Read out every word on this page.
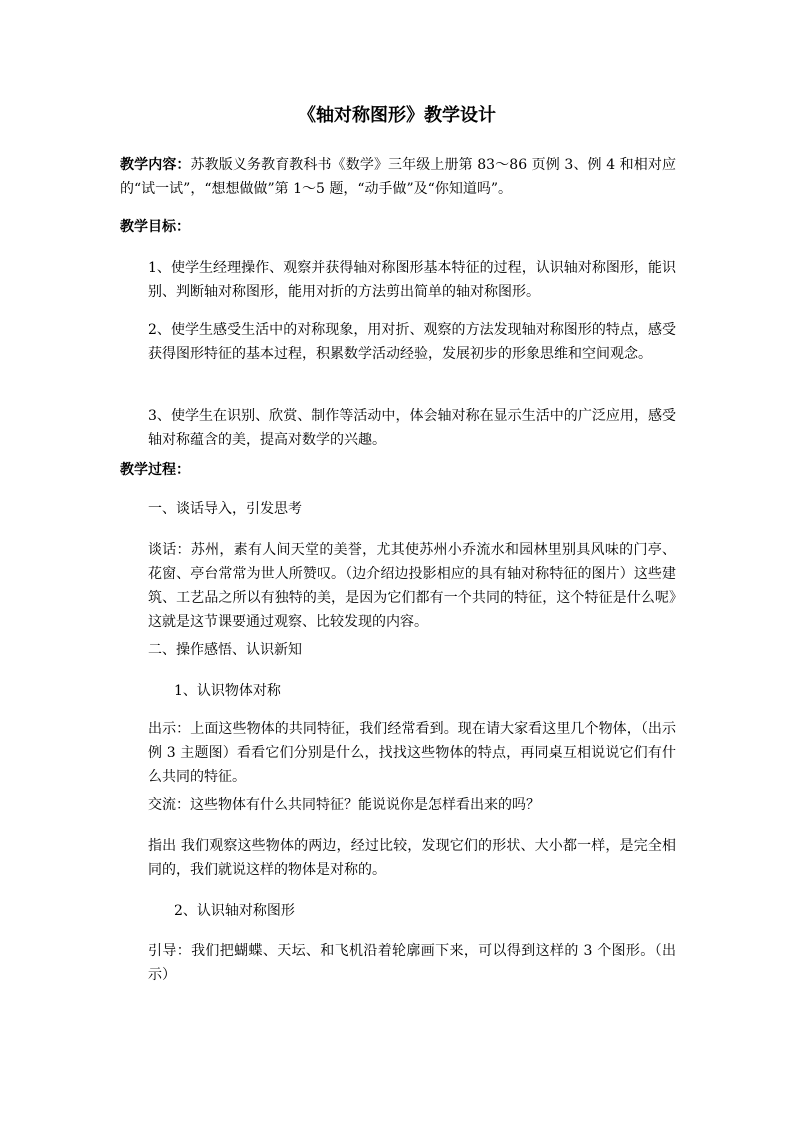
《轴对称图形》教学设计
教学内容：苏教版义务教育教科书《数学》三年级上册第 83～86 页例 3、例 4 和相对应的“试一试”，“想想做做”第 1～5 题，“动手做”及“你知道吗”。
教学目标：
1、使学生经理操作、观察并获得轴对称图形基本特征的过程，认识轴对称图形，能识别、判断轴对称图形，能用对折的方法剪出简单的轴对称图形。
2、使学生感受生活中的对称现象，用对折、观察的方法发现轴对称图形的特点，感受获得图形特征的基本过程，积累数学活动经验，发展初步的形象思维和空间观念。
3、使学生在识别、欣赏、制作等活动中，体会轴对称在显示生活中的广泛应用，感受轴对称蕴含的美，提高对数学的兴趣。
教学过程：
一、谈话导入，引发思考
谈话：苏州，素有人间天堂的美誉，尤其使苏州小乔流水和园林里别具风味的门亭、花窗、亭台常常为世人所赞叹。（边介绍边投影相应的具有轴对称特征的图片）这些建筑、工艺品之所以有独特的美，是因为它们都有一个共同的特征，这个特征是什么呢》这就是这节课要通过观察、比较发现的内容。
二、操作感悟、认识新知
1、认识物体对称
出示：上面这些物体的共同特征，我们经常看到。现在请大家看这里几个物体，（出示例 3 主题图）看看它们分别是什么，找找这些物体的特点，再同桌互相说说它们有什么共同的特征。
交流：这些物体有什么共同特征？能说说你是怎样看出来的吗？
指出 我们观察这些物体的两边，经过比较，发现它们的形状、大小都一样，是完全相同的，我们就说这样的物体是对称的。
2、认识轴对称图形
引导：我们把蝴蝶、天坛、和飞机沿着轮廓画下来，可以得到这样的 3 个图形。（出示）
